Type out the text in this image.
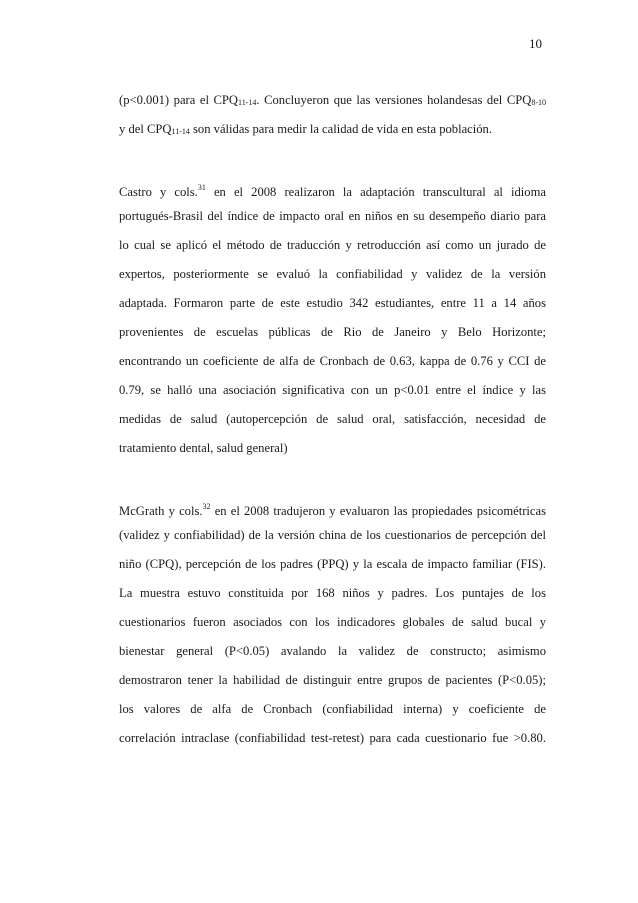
10
(p<0.001) para el $CPQ_{11-14}$. Concluyeron que las versiones holandesas del $CPQ_{8-10}$
y del $CPQ_{11-14}$ son válidas para medir la calidad de vida en esta población.
Castro y cols.$^{31}$ en el 2008 realizaron la adaptación transcultural al idioma
portugués-Brasil del índice de impacto oral en niños en su desempeño diario para
lo cual se aplicó el método de traducción y retroducción así como un jurado de
expertos, posteriormente se evaluó la confiabilidad y validez de la versión
adaptada. Formaron parte de este estudio 342 estudiantes, entre 11 a 14 años
provenientes de escuelas públicas de Rio de Janeiro y Belo Horizonte;
encontrando un coeficiente de alfa de Cronbach de 0.63, kappa de 0.76 y CCI de
0.79, se halló una asociación significativa con un p<0.01 entre el índice y las
medidas de salud (autopercepción de salud oral, satisfacción, necesidad de
tratamiento dental, salud general)
McGrath y cols.$^{32}$ en el 2008 tradujeron y evaluaron las propiedades psicométricas
(validez y confiabilidad) de la versión china de los cuestionarios de percepción del
niño (CPQ), percepción de los padres (PPQ) y la escala de impacto familiar (FIS).
La muestra estuvo constituida por 168 niños y padres. Los puntajes de los
cuestionarios fueron asociados con los indicadores globales de salud bucal y
bienestar general (P<0.05) avalando la validez de constructo; asimismo
demostraron tener la habilidad de distinguir entre grupos de pacientes (P<0.05);
los valores de alfa de Cronbach (confiabilidad interna) y coeficiente de
correlación intraclase (confiabilidad test-retest) para cada cuestionario fue >0.80.
